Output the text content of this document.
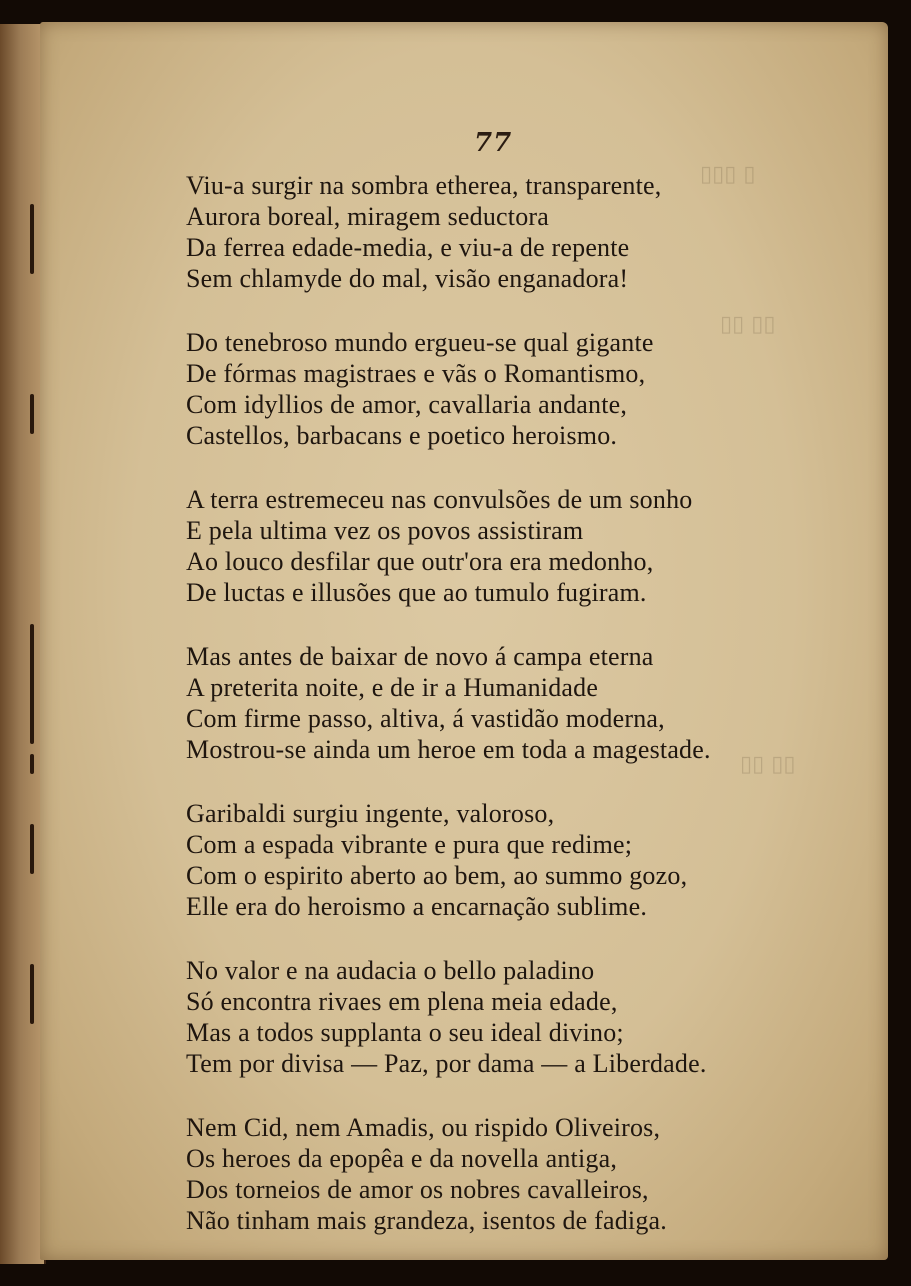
▯▯▯ ▯
▯▯ ▯▯
▯▯ ▯▯
77
Viu-a surgir na sombra etherea, transparente,
Aurora boreal, miragem seductora
Da ferrea edade-media, e viu-a de repente
Sem chlamyde do mal, visão enganadora!
Do tenebroso mundo ergueu-se qual gigante
De fórmas magistraes e vãs o Romantismo,
Com idyllios de amor, cavallaria andante,
Castellos, barbacans e poetico heroismo.
A terra estremeceu nas convulsões de um sonho
E pela ultima vez os povos assistiram
Ao louco desfilar que outr'ora era medonho,
De luctas e illusões que ao tumulo fugiram.
Mas antes de baixar de novo á campa eterna
A preterita noite, e de ir a Humanidade
Com firme passo, altiva, á vastidão moderna,
Mostrou-se ainda um heroe em toda a magestade.
Garibaldi surgiu ingente, valoroso,
Com a espada vibrante e pura que redime;
Com o espirito aberto ao bem, ao summo gozo,
Elle era do heroismo a encarnação sublime.
No valor e na audacia o bello paladino
Só encontra rivaes em plena meia edade,
Mas a todos supplanta o seu ideal divino;
Tem por divisa — Paz, por dama — a Liberdade.
Nem Cid, nem Amadis, ou rispido Oliveiros,
Os heroes da epopêa e da novella antiga,
Dos torneios de amor os nobres cavalleiros,
Não tinham mais grandeza, isentos de fadiga.
